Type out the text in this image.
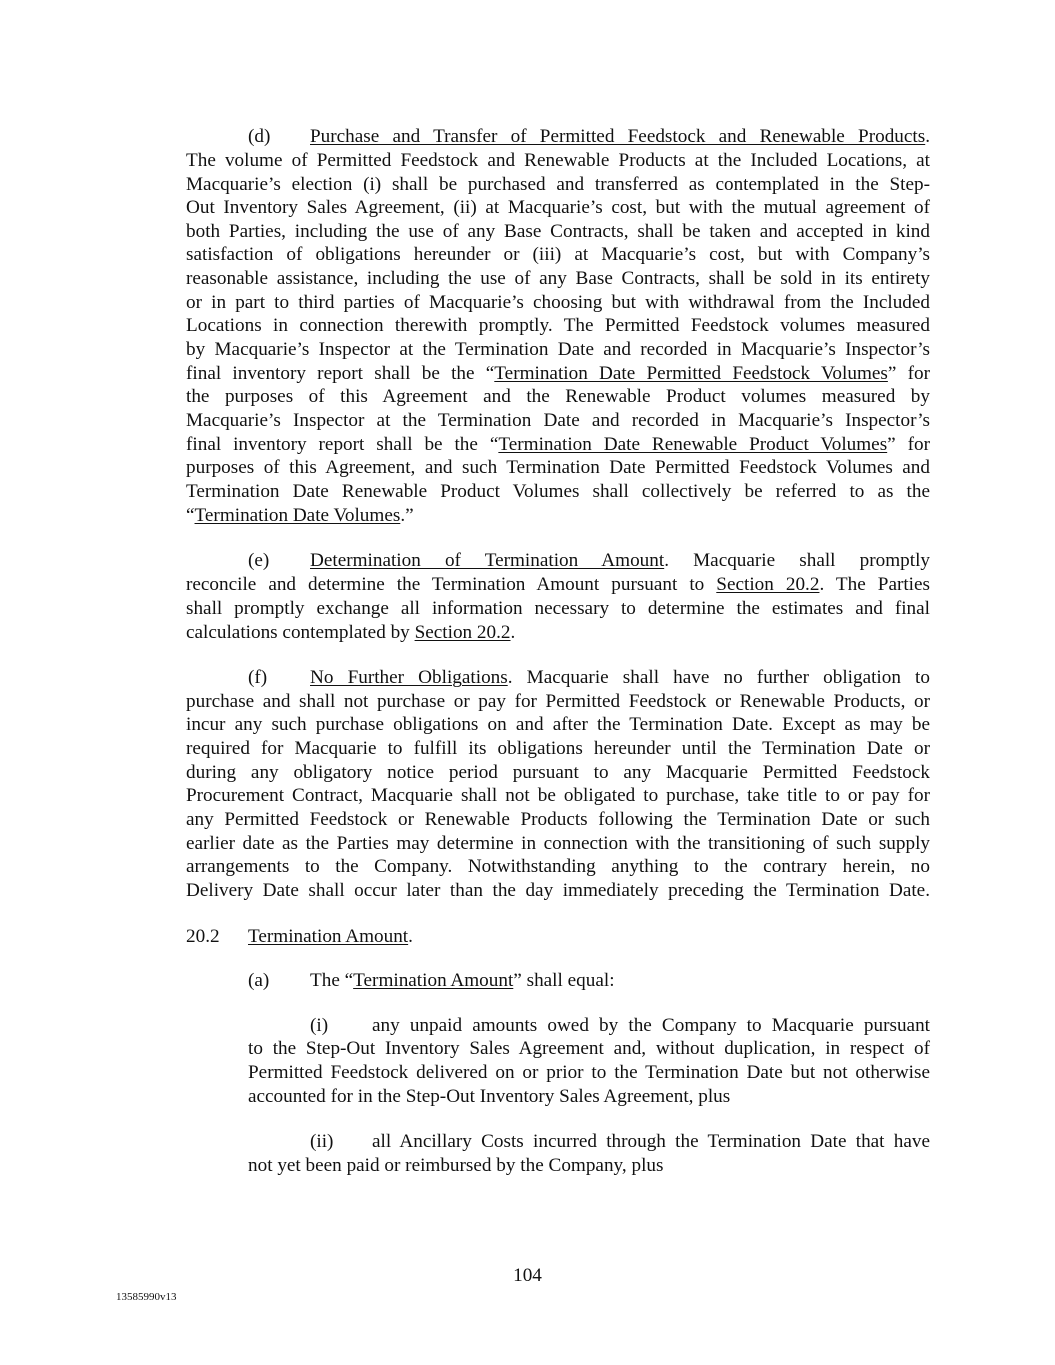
(d) Purchase and Transfer of Permitted Feedstock and Renewable Products.
The volume of Permitted Feedstock and Renewable Products at the Included Locations, at
Macquarie’s election (i) shall be purchased and transferred as contemplated in the Step-
Out Inventory Sales Agreement, (ii) at Macquarie’s cost, but with the mutual agreement of
both Parties, including the use of any Base Contracts, shall be taken and accepted in kind
satisfaction of obligations hereunder or (iii) at Macquarie’s cost, but with Company’s
reasonable assistance, including the use of any Base Contracts, shall be sold in its entirety
or in part to third parties of Macquarie’s choosing but with withdrawal from the Included
Locations in connection therewith promptly. The Permitted Feedstock volumes measured
by Macquarie’s Inspector at the Termination Date and recorded in Macquarie’s Inspector’s
final inventory report shall be the “Termination Date Permitted Feedstock Volumes” for
the purposes of this Agreement and the Renewable Product volumes measured by
Macquarie’s Inspector at the Termination Date and recorded in Macquarie’s Inspector’s
final inventory report shall be the “Termination Date Renewable Product Volumes” for
purposes of this Agreement, and such Termination Date Permitted Feedstock Volumes and
Termination Date Renewable Product Volumes shall collectively be referred to as the
“Termination Date Volumes.”
(e) Determination of Termination Amount. Macquarie shall promptly
reconcile and determine the Termination Amount pursuant to Section 20.2. The Parties
shall promptly exchange all information necessary to determine the estimates and final
calculations contemplated by Section 20.2.
(f) No Further Obligations. Macquarie shall have no further obligation to
purchase and shall not purchase or pay for Permitted Feedstock or Renewable Products, or
incur any such purchase obligations on and after the Termination Date. Except as may be
required for Macquarie to fulfill its obligations hereunder until the Termination Date or
during any obligatory notice period pursuant to any Macquarie Permitted Feedstock
Procurement Contract, Macquarie shall not be obligated to purchase, take title to or pay for
any Permitted Feedstock or Renewable Products following the Termination Date or such
earlier date as the Parties may determine in connection with the transitioning of such supply
arrangements to the Company. Notwithstanding anything to the contrary herein, no
Delivery Date shall occur later than the day immediately preceding the Termination Date.
20.2 Termination Amount.
(a) The “Termination Amount” shall equal:
(i) any unpaid amounts owed by the Company to Macquarie pursuant
to the Step-Out Inventory Sales Agreement and, without duplication, in respect of
Permitted Feedstock delivered on or prior to the Termination Date but not otherwise
accounted for in the Step-Out Inventory Sales Agreement, plus
(ii) all Ancillary Costs incurred through the Termination Date that have
not yet been paid or reimbursed by the Company, plus
104
13585990v13
